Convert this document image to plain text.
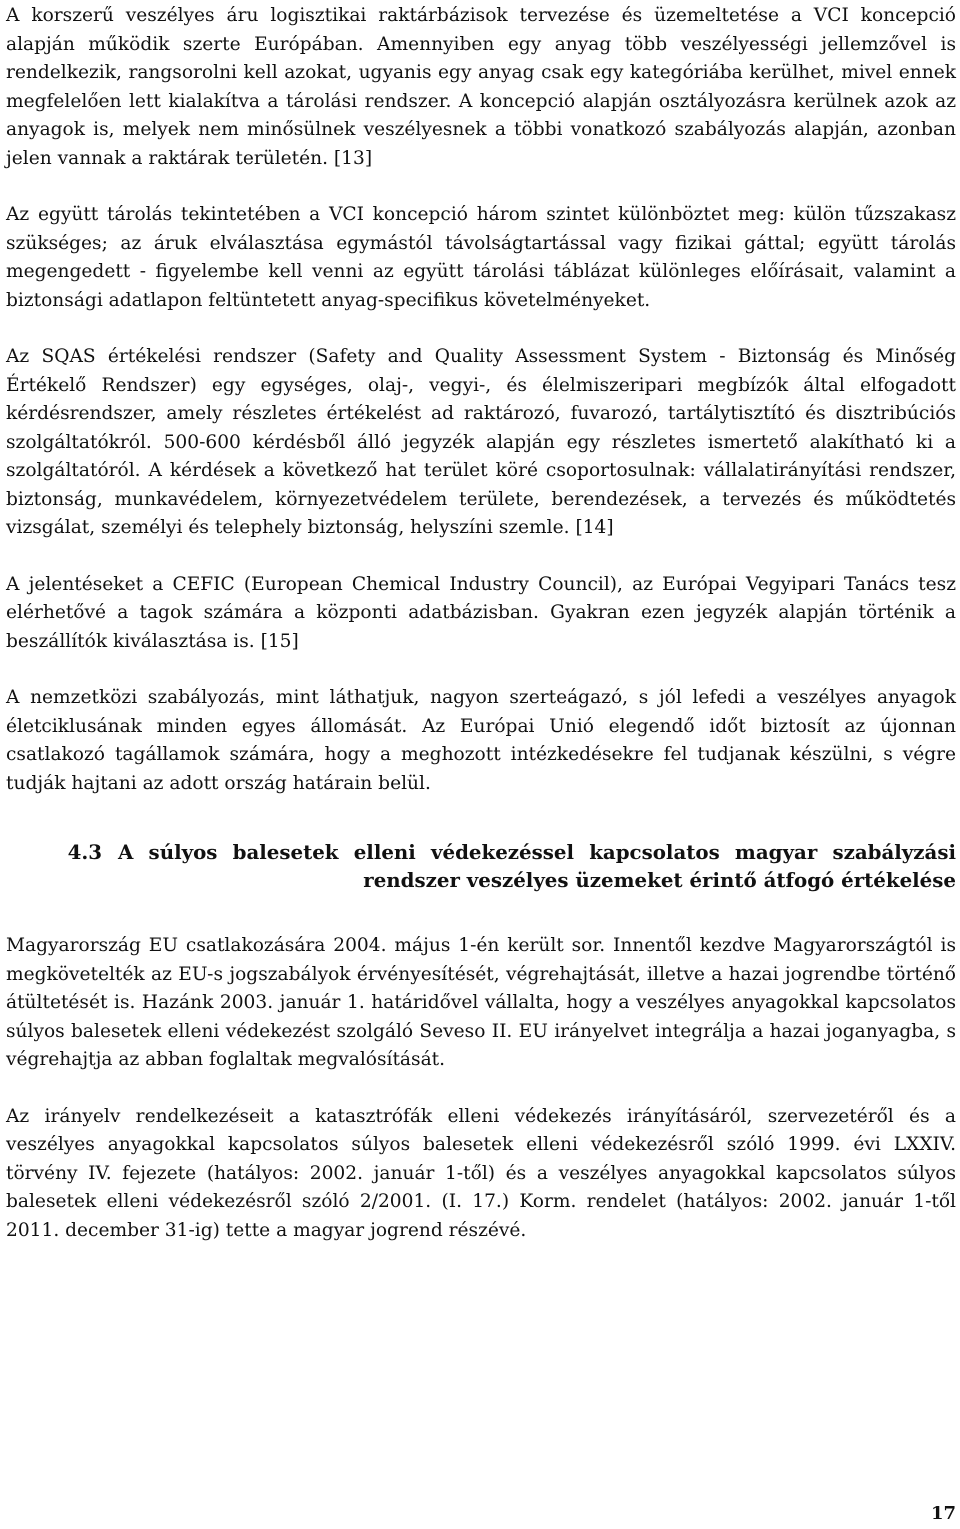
A korszerű veszélyes áru logisztikai raktárbázisok tervezése és üzemeltetése a VCI koncepció alapján működik szerte Európában. Amennyiben egy anyag több veszélyességi jellemzővel is rendelkezik, rangsorolni kell azokat, ugyanis egy anyag csak egy kategóriába kerülhet, mivel ennek megfelelően lett kialakítva a tárolási rendszer. A koncepció alapján osztályozásra kerülnek azok az anyagok is, melyek nem minősülnek veszélyesnek a többi vonatkozó szabályozás alapján, azonban jelen vannak a raktárak területén. [13]

Az együtt tárolás tekintetében a VCI koncepció három szintet különböztet meg: külön tűzszakasz szükséges; az áruk elválasztása egymástól távolságtartással vagy fizikai gáttal; együtt tárolás megengedett - figyelembe kell venni az együtt tárolási táblázat különleges előírásait, valamint a biztonsági adatlapon feltüntetett anyag-specifikus követelményeket.

Az SQAS értékelési rendszer (Safety and Quality Assessment System - Biztonság és Minőség Értékelő Rendszer) egy egységes, olaj-, vegyi-, és élelmiszeripari megbízók által elfogadott kérdésrendszer, amely részletes értékelést ad raktározó, fuvarozó, tartálytisztító és disztribúciós szolgáltatókról. 500-600 kérdésből álló jegyzék alapján egy részletes ismertető alakítható ki a szolgáltatóról. A kérdések a következő hat terület köré csoportosulnak: vállalatirányítási rendszer, biztonság, munkavédelem, környezetvédelem területe, berendezések, a tervezés és működtetés vizsgálat, személyi és telephely biztonság, helyszíni szemle. [14]

A jelentéseket a CEFIC (European Chemical Industry Council), az Európai Vegyipari Tanács tesz elérhetővé a tagok számára a központi adatbázisban. Gyakran ezen jegyzék alapján történik a beszállítók kiválasztása is. [15]

A nemzetközi szabályozás, mint láthatjuk, nagyon szerteágazó, s jól lefedi a veszélyes anyagok életciklusának minden egyes állomását. Az Európai Unió elegendő időt biztosít az újonnan csatlakozó tagállamok számára, hogy a meghozott intézkedésekre fel tudjanak készülni, s végre tudják hajtani az adott ország határain belül.

4.3 A súlyos balesetek elleni védekezéssel kapcsolatos magyar szabályzási rendszer veszélyes üzemeket érintő átfogó értékelése

Magyarország EU csatlakozására 2004. május 1-én került sor. Innentől kezdve Magyarországtól is megkövetelték az EU-s jogszabályok érvényesítését, végrehajtását, illetve a hazai jogrendbe történő átültetését is. Hazánk 2003. január 1. határidővel vállalta, hogy a veszélyes anyagokkal kapcsolatos súlyos balesetek elleni védekezést szolgáló Seveso II. EU irányelvet integrálja a hazai joganyagba, s végrehajtja az abban foglaltak megvalósítását.

Az irányelv rendelkezéseit a katasztrófák elleni védekezés irányításáról, szervezetéről és a veszélyes anyagokkal kapcsolatos súlyos balesetek elleni védekezésről szóló 1999. évi LXXIV. törvény IV. fejezete (hatályos: 2002. január 1-től) és a veszélyes anyagokkal kapcsolatos súlyos balesetek elleni védekezésről szóló 2/2001. (I. 17.) Korm. rendelet (hatályos: 2002. január 1-től 2011. december 31-ig) tette a magyar jogrend részévé.

17
